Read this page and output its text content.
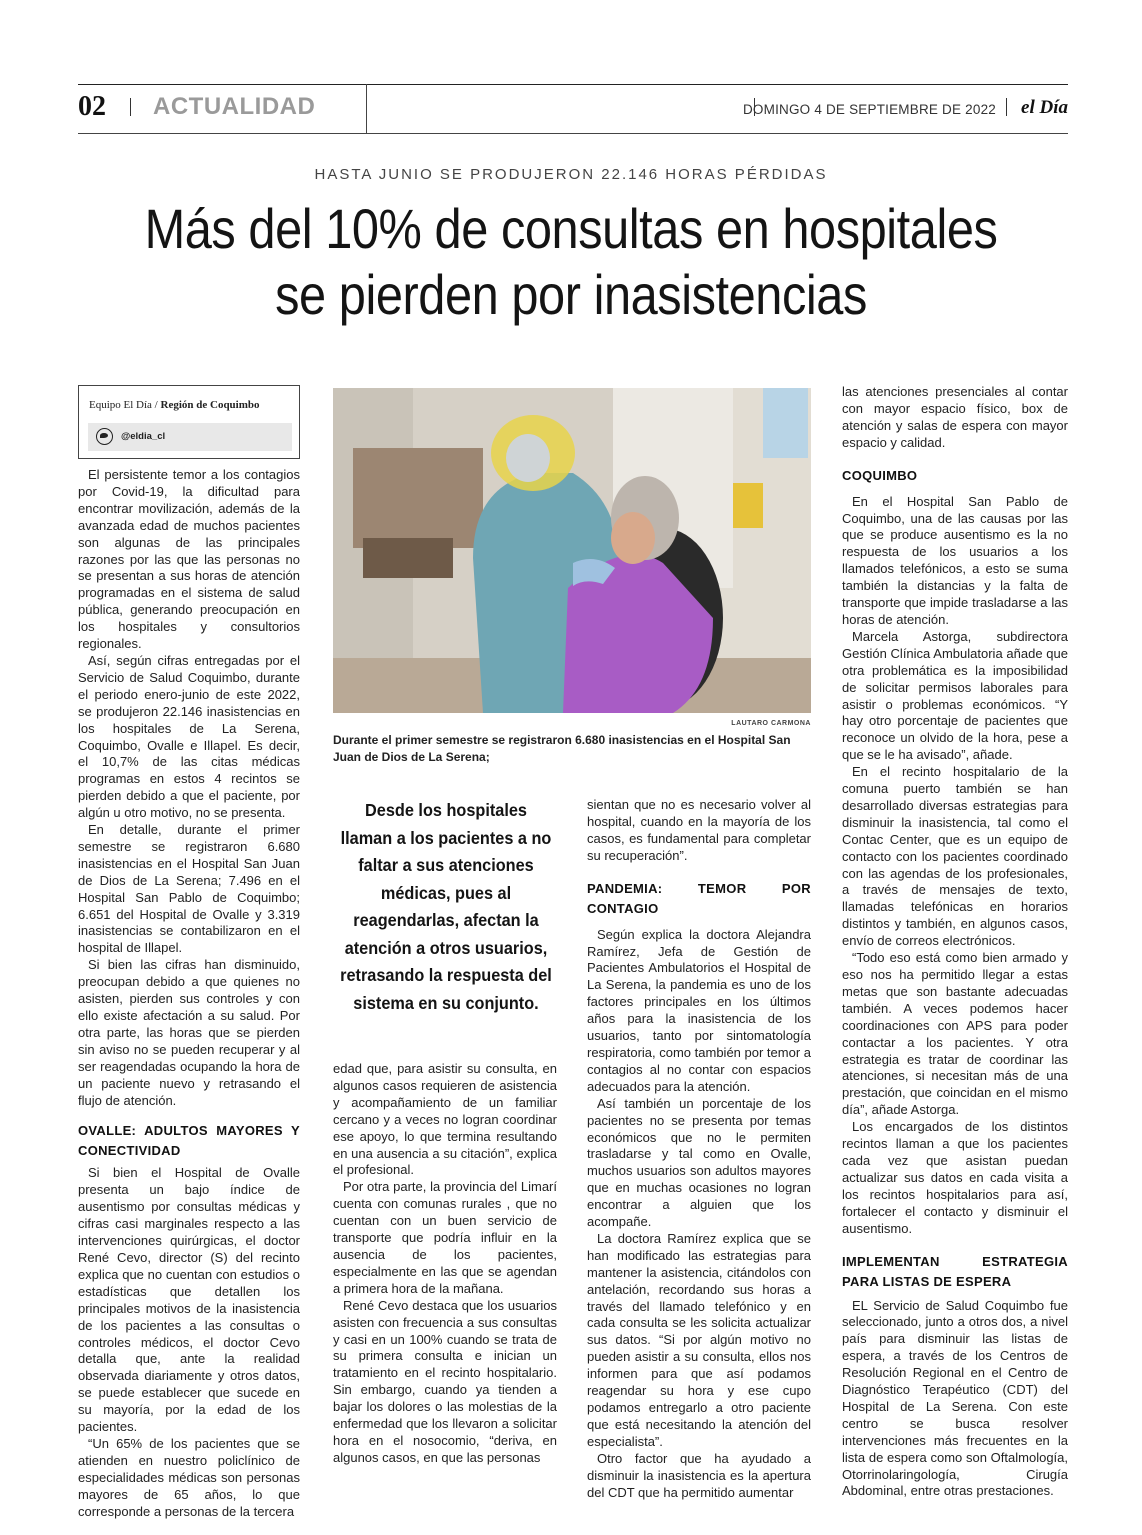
02 ACTUALIDAD	DOMINGO 4 DE SEPTIEMBRE DE 2022 el Día
HASTA JUNIO SE PRODUJERON 22.146 HORAS PÉRDIDAS
Más del 10% de consultas en hospitales
se pierden por inasistencias
Equipo El Día / Región de Coquimbo
@eldia_cl

El persistente temor a los contagios por Covid-19, la dificultad para encontrar movilización, además de la avanzada edad de muchos pacientes son algunas de las principales razones por las que las personas no se presentan a sus horas de atención programadas en el sistema de salud pública, generando preocupación en los hospitales y consultorios regionales.

Así, según cifras entregadas por el Servicio de Salud Coquimbo, durante el periodo enero-junio de este 2022, se produjeron 22.146 inasistencias en los hospitales de La Serena, Coquimbo, Ovalle e Illapel. Es decir, el 10,7% de las citas médicas programas en estos 4 recintos se pierden debido a que el paciente, por algún u otro motivo, no se presenta.

En detalle, durante el primer semestre se registraron 6.680 inasistencias en el Hospital San Juan de Dios de La Serena; 7.496 en el Hospital San Pablo de Coquimbo; 6.651 del Hospital de Ovalle y 3.319 inasistencias se contabilizaron en el hospital de Illapel.

Si bien las cifras han disminuido, preocupan debido a que quienes no asisten, pierden sus controles y con ello existe afectación a su salud. Por otra parte, las horas que se pierden sin aviso no se pueden recuperar y al ser reagendadas ocupando la hora de un paciente nuevo y retrasando el flujo de atención.

OVALLE: ADULTOS MAYORES Y CONECTIVIDAD

Si bien el Hospital de Ovalle presenta un bajo índice de ausentismo por consultas médicas y cifras casi marginales respecto a las intervenciones quirúrgicas, el doctor René Cevo, director (S) del recinto explica que no cuentan con estudios o estadísticas que detallen los principales motivos de la inasistencia de los pacientes a las consultas o controles médicos, el doctor Cevo detalla que, ante la realidad observada diariamente y otros datos, se puede establecer que sucede en su mayoría, por la edad de los pacientes.

“Un 65% de los pacientes que se atienden en nuestro policlínico de especialidades médicas son personas mayores de 65 años, lo que corresponde a personas de la tercera

LAUTARO CARMONA
Durante el primer semestre se registraron 6.680 inasistencias en el Hospital San Juan de Dios de La Serena;
Desde los hospitales llaman a los pacientes a no faltar a sus atenciones médicas, pues al reagendarlas, afectan la atención a otros usuarios, retrasando la respuesta del sistema en su conjunto.

edad que, para asistir su consulta, en algunos casos requieren de asistencia y acompañamiento de un familiar cercano y a veces no logran coordinar ese apoyo, lo que termina resultando en una ausencia a su citación”, explica el profesional.

Por otra parte, la provincia del Limarí cuenta con comunas rurales , que no cuentan con un buen servicio de transporte que podría influir en la ausencia de los pacientes, especialmente en las que se agendan a primera hora de la mañana.

René Cevo destaca que los usuarios asisten con frecuencia a sus consultas y casi en un 100% cuando se trata de su primera consulta e inician un tratamiento en el recinto hospitalario. Sin embargo, cuando ya tienden a bajar los dolores o las molestias de la enfermedad que los llevaron a solicitar hora en el nosocomio, “deriva, en algunos casos, en que las personas

sientan que no es necesario volver al hospital, cuando en la mayoría de los casos, es fundamental para completar su recuperación”.

PANDEMIA: TEMOR POR CONTAGIO

Según explica la doctora Alejandra Ramírez, Jefa de Gestión de Pacientes Ambulatorios el Hospital de La Serena, la pandemia es uno de los factores principales en los últimos años para la inasistencia de los usuarios, tanto por sintomatología respiratoria, como también por temor a contagios al no contar con espacios adecuados para la atención.

Así también un porcentaje de los pacientes no se presenta por temas económicos que no le permiten trasladarse y tal como en Ovalle, muchos usuarios son adultos mayores que en muchas ocasiones no logran encontrar a alguien que los acompañe.

La doctora Ramírez explica que se han modificado las estrategias para mantener la asistencia, citándolos con antelación, recordando sus horas a través del llamado telefónico y en cada consulta se les solicita actualizar sus datos. “Si por algún motivo no pueden asistir a su consulta, ellos nos informen para que así podamos reagendar su hora y ese cupo podamos entregarlo a otro paciente que está necesitando la atención del especialista”.

Otro factor que ha ayudado a disminuir la inasistencia es la apertura del CDT que ha permitido aumentar

las atenciones presenciales al contar con mayor espacio físico, box de atención y salas de espera con mayor espacio y calidad.

COQUIMBO

En el Hospital San Pablo de Coquimbo, una de las causas por las que se produce ausentismo es la no respuesta de los usuarios a los llamados telefónicos, a esto se suma también la distancias y la falta de transporte que impide trasladarse a las horas de atención.

Marcela Astorga, subdirectora Gestión Clínica Ambulatoria añade que otra problemática es la imposibilidad de solicitar permisos laborales para asistir o problemas económicos. “Y hay otro porcentaje de pacientes que reconoce un olvido de la hora, pese a que se le ha avisado”, añade.

En el recinto hospitalario de la comuna puerto también se han desarrollado diversas estrategias para disminuir la inasistencia, tal como el Contac Center, que es un equipo de contacto con los pacientes coordinado con las agendas de los profesionales, a través de mensajes de texto, llamadas telefónicas en horarios distintos y también, en algunos casos, envío de correos electrónicos.

“Todo eso está como bien armado y eso nos ha permitido llegar a estas metas que son bastante adecuadas también. A veces podemos hacer coordinaciones con APS para poder contactar a los pacientes. Y otra estrategia es tratar de coordinar las atenciones, si necesitan más de una prestación, que coincidan en el mismo día”, añade Astorga.

Los encargados de los distintos recintos llaman a que los pacientes cada vez que asistan puedan actualizar sus datos en cada visita a los recintos hospitalarios para así, fortalecer el contacto y disminuir el ausentismo.

IMPLEMENTAN ESTRATEGIA PARA LISTAS DE ESPERA

EL Servicio de Salud Coquimbo fue seleccionado, junto a otros dos, a nivel país para disminuir las listas de espera, a través de los Centros de Resolución Regional en el Centro de Diagnóstico Terapéutico (CDT) del Hospital de La Serena. Con este centro se busca resolver intervenciones más frecuentes en la lista de espera como son Oftalmología, Otorrinolaringología, Cirugía Abdominal, entre otras prestaciones.
